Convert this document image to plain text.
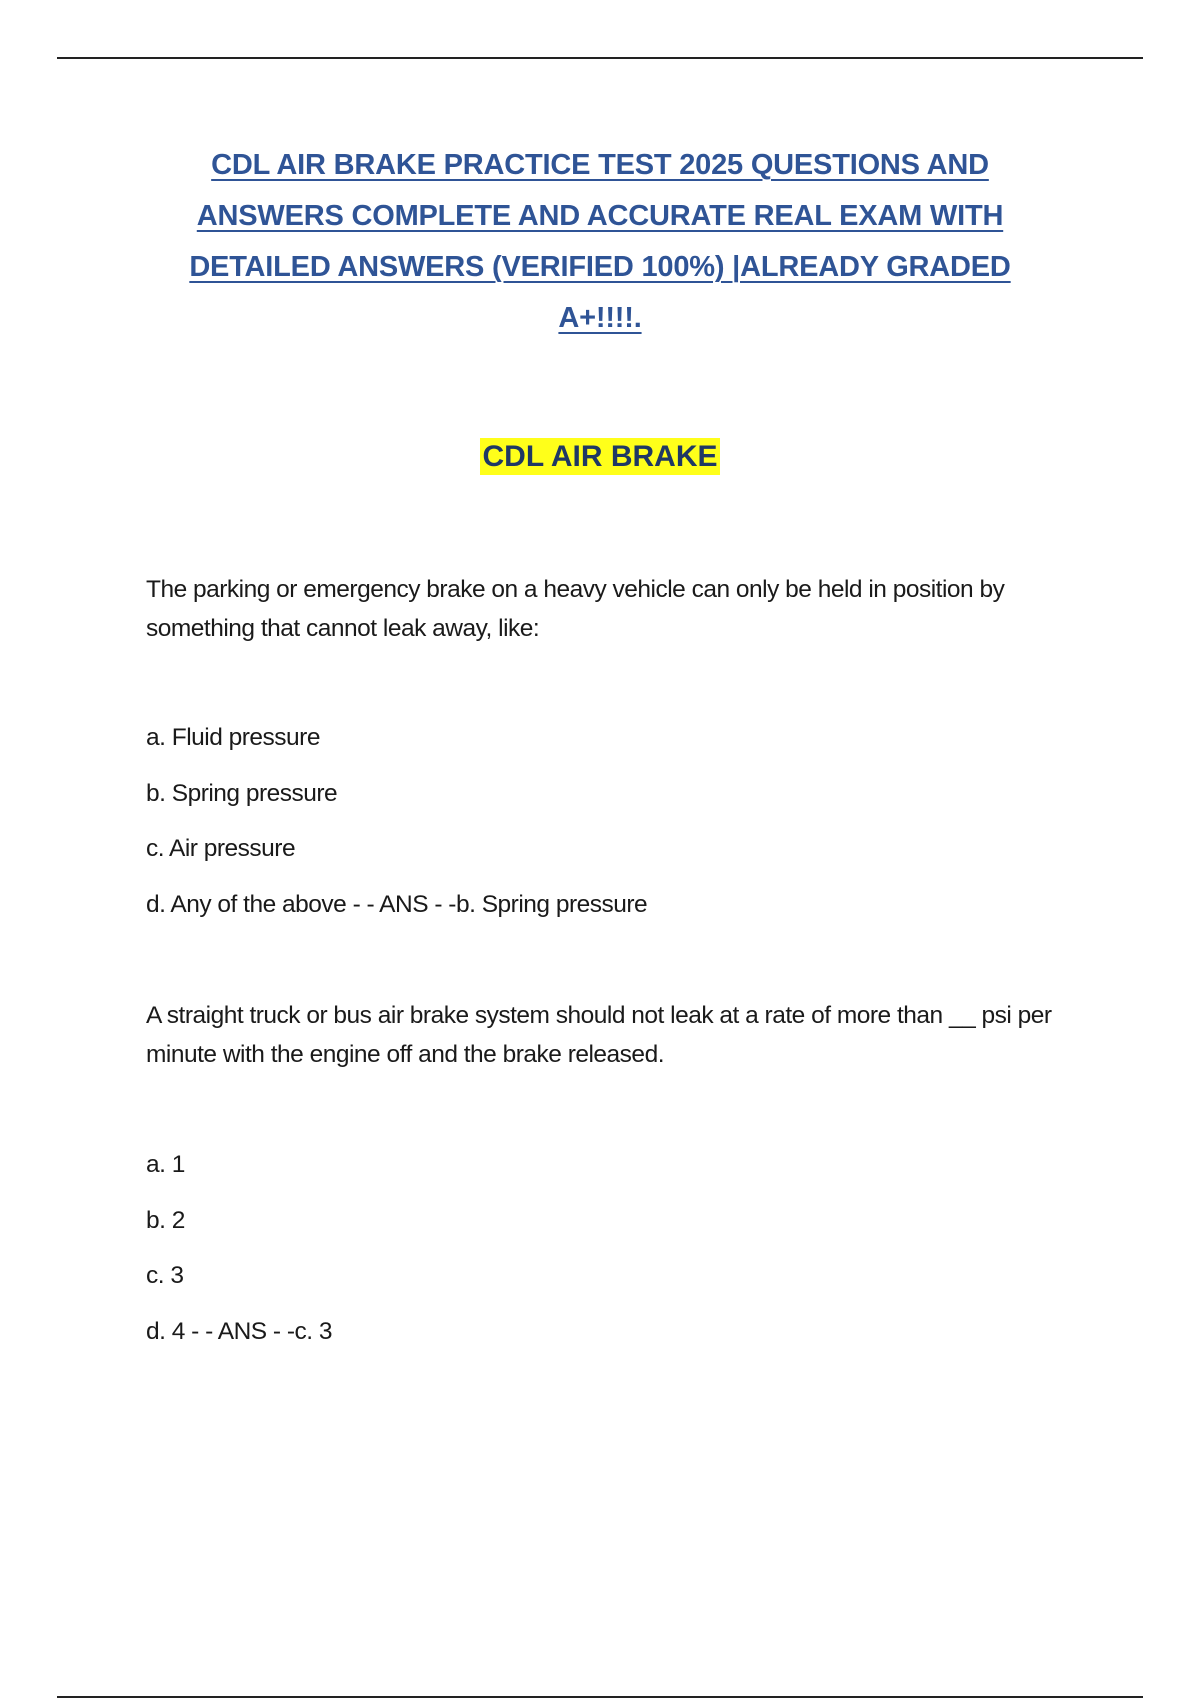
CDL AIR BRAKE PRACTICE TEST 2025 QUESTIONS AND ANSWERS COMPLETE AND ACCURATE REAL EXAM WITH DETAILED ANSWERS (VERIFIED 100%) |ALREADY GRADED A+!!!!.
CDL AIR BRAKE

The parking or emergency brake on a heavy vehicle can only be held in position by something that cannot leak away, like:

a. Fluid pressure
b. Spring pressure
c. Air pressure
d. Any of the above - - ANS - -b. Spring pressure

A straight truck or bus air brake system should not leak at a rate of more than __ psi per minute with the engine off and the brake released.

a. 1
b. 2
c. 3
d. 4 - - ANS - -c. 3
